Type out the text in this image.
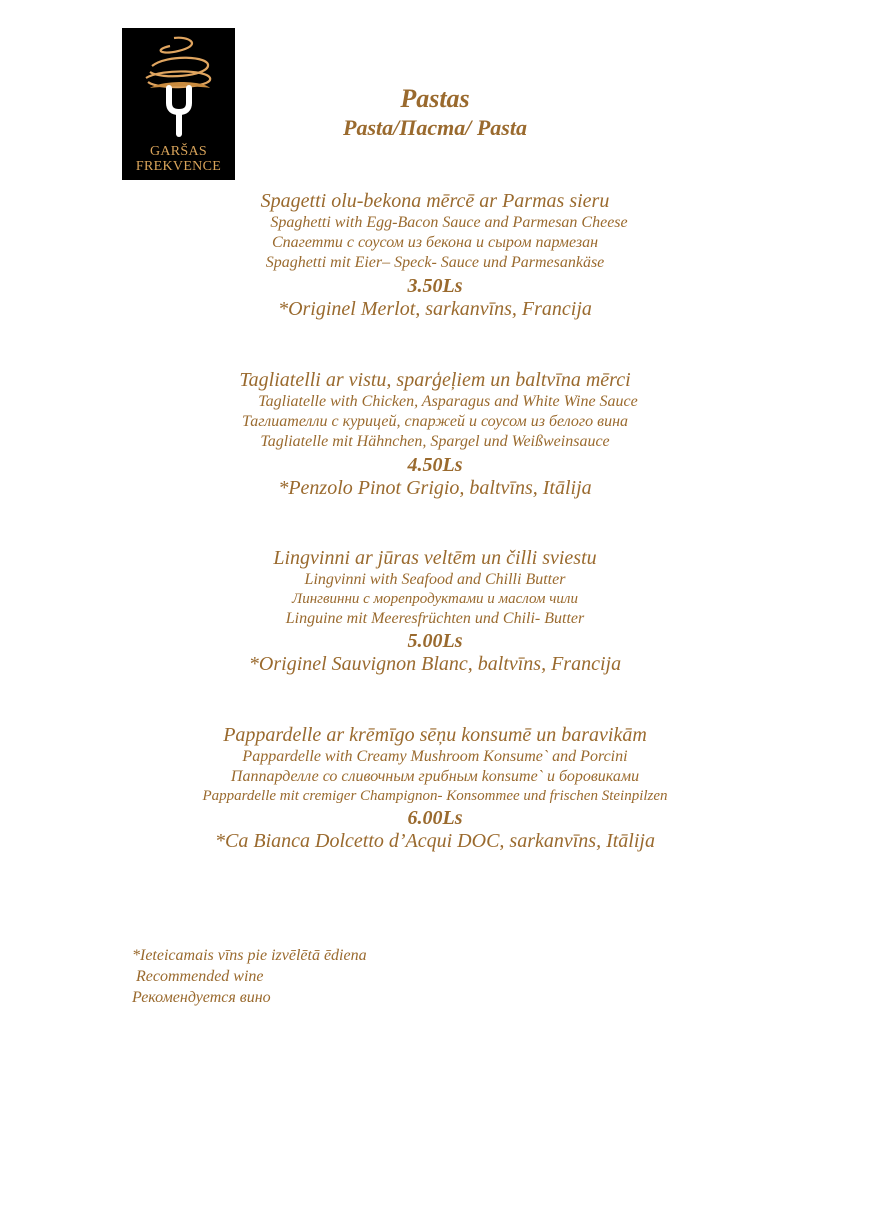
GARŠAS
FREKVENCE
Pastas
Pasta/Паста/ Pasta
Spagetti olu-bekona mērcē ar Parmas sieru
Spaghetti with Egg-Bacon Sauce and Parmesan Cheese
Спагетти с соусом из бекона и сыром пармезан
Spaghetti mit Eier– Speck- Sauce und Parmesankäse
3.50Ls
*Originel Merlot, sarkanvīns, Francija
Tagliatelli ar vistu, sparģeļiem un baltvīna mērci
Tagliatelle with Chicken, Asparagus and White Wine Sauce
Таглиателли с курицей, спаржей и соусом из белого вина
Tagliatelle mit Hähnchen, Spargel und Weißweinsauce
4.50Ls
*Penzolo Pinot Grigio, baltvīns, Itālija
Lingvinni ar jūras veltēm un čilli sviestu
Lingvinni with Seafood and Chilli Butter
Лингвинни с морепродуктами и маслом чили
Linguine mit Meeresfrüchten und Chili- Butter
5.00Ls
*Originel Sauvignon Blanc, baltvīns, Francija
Pappardelle ar krēmīgo sēņu konsumē un baravikām
Pappardelle with Creamy Mushroom Konsume` and Porcini
Паппарделле со сливочным грибным konsume` и боровиками
Pappardelle mit cremiger Champignon- Konsommee und frischen Steinpilzen
6.00Ls
*Ca Bianca Dolcetto d’Acqui DOC, sarkanvīns, Itālija
*Ieteicamais vīns pie izvēlētā ēdiena
Recommended wine
Рекомендуется вино
